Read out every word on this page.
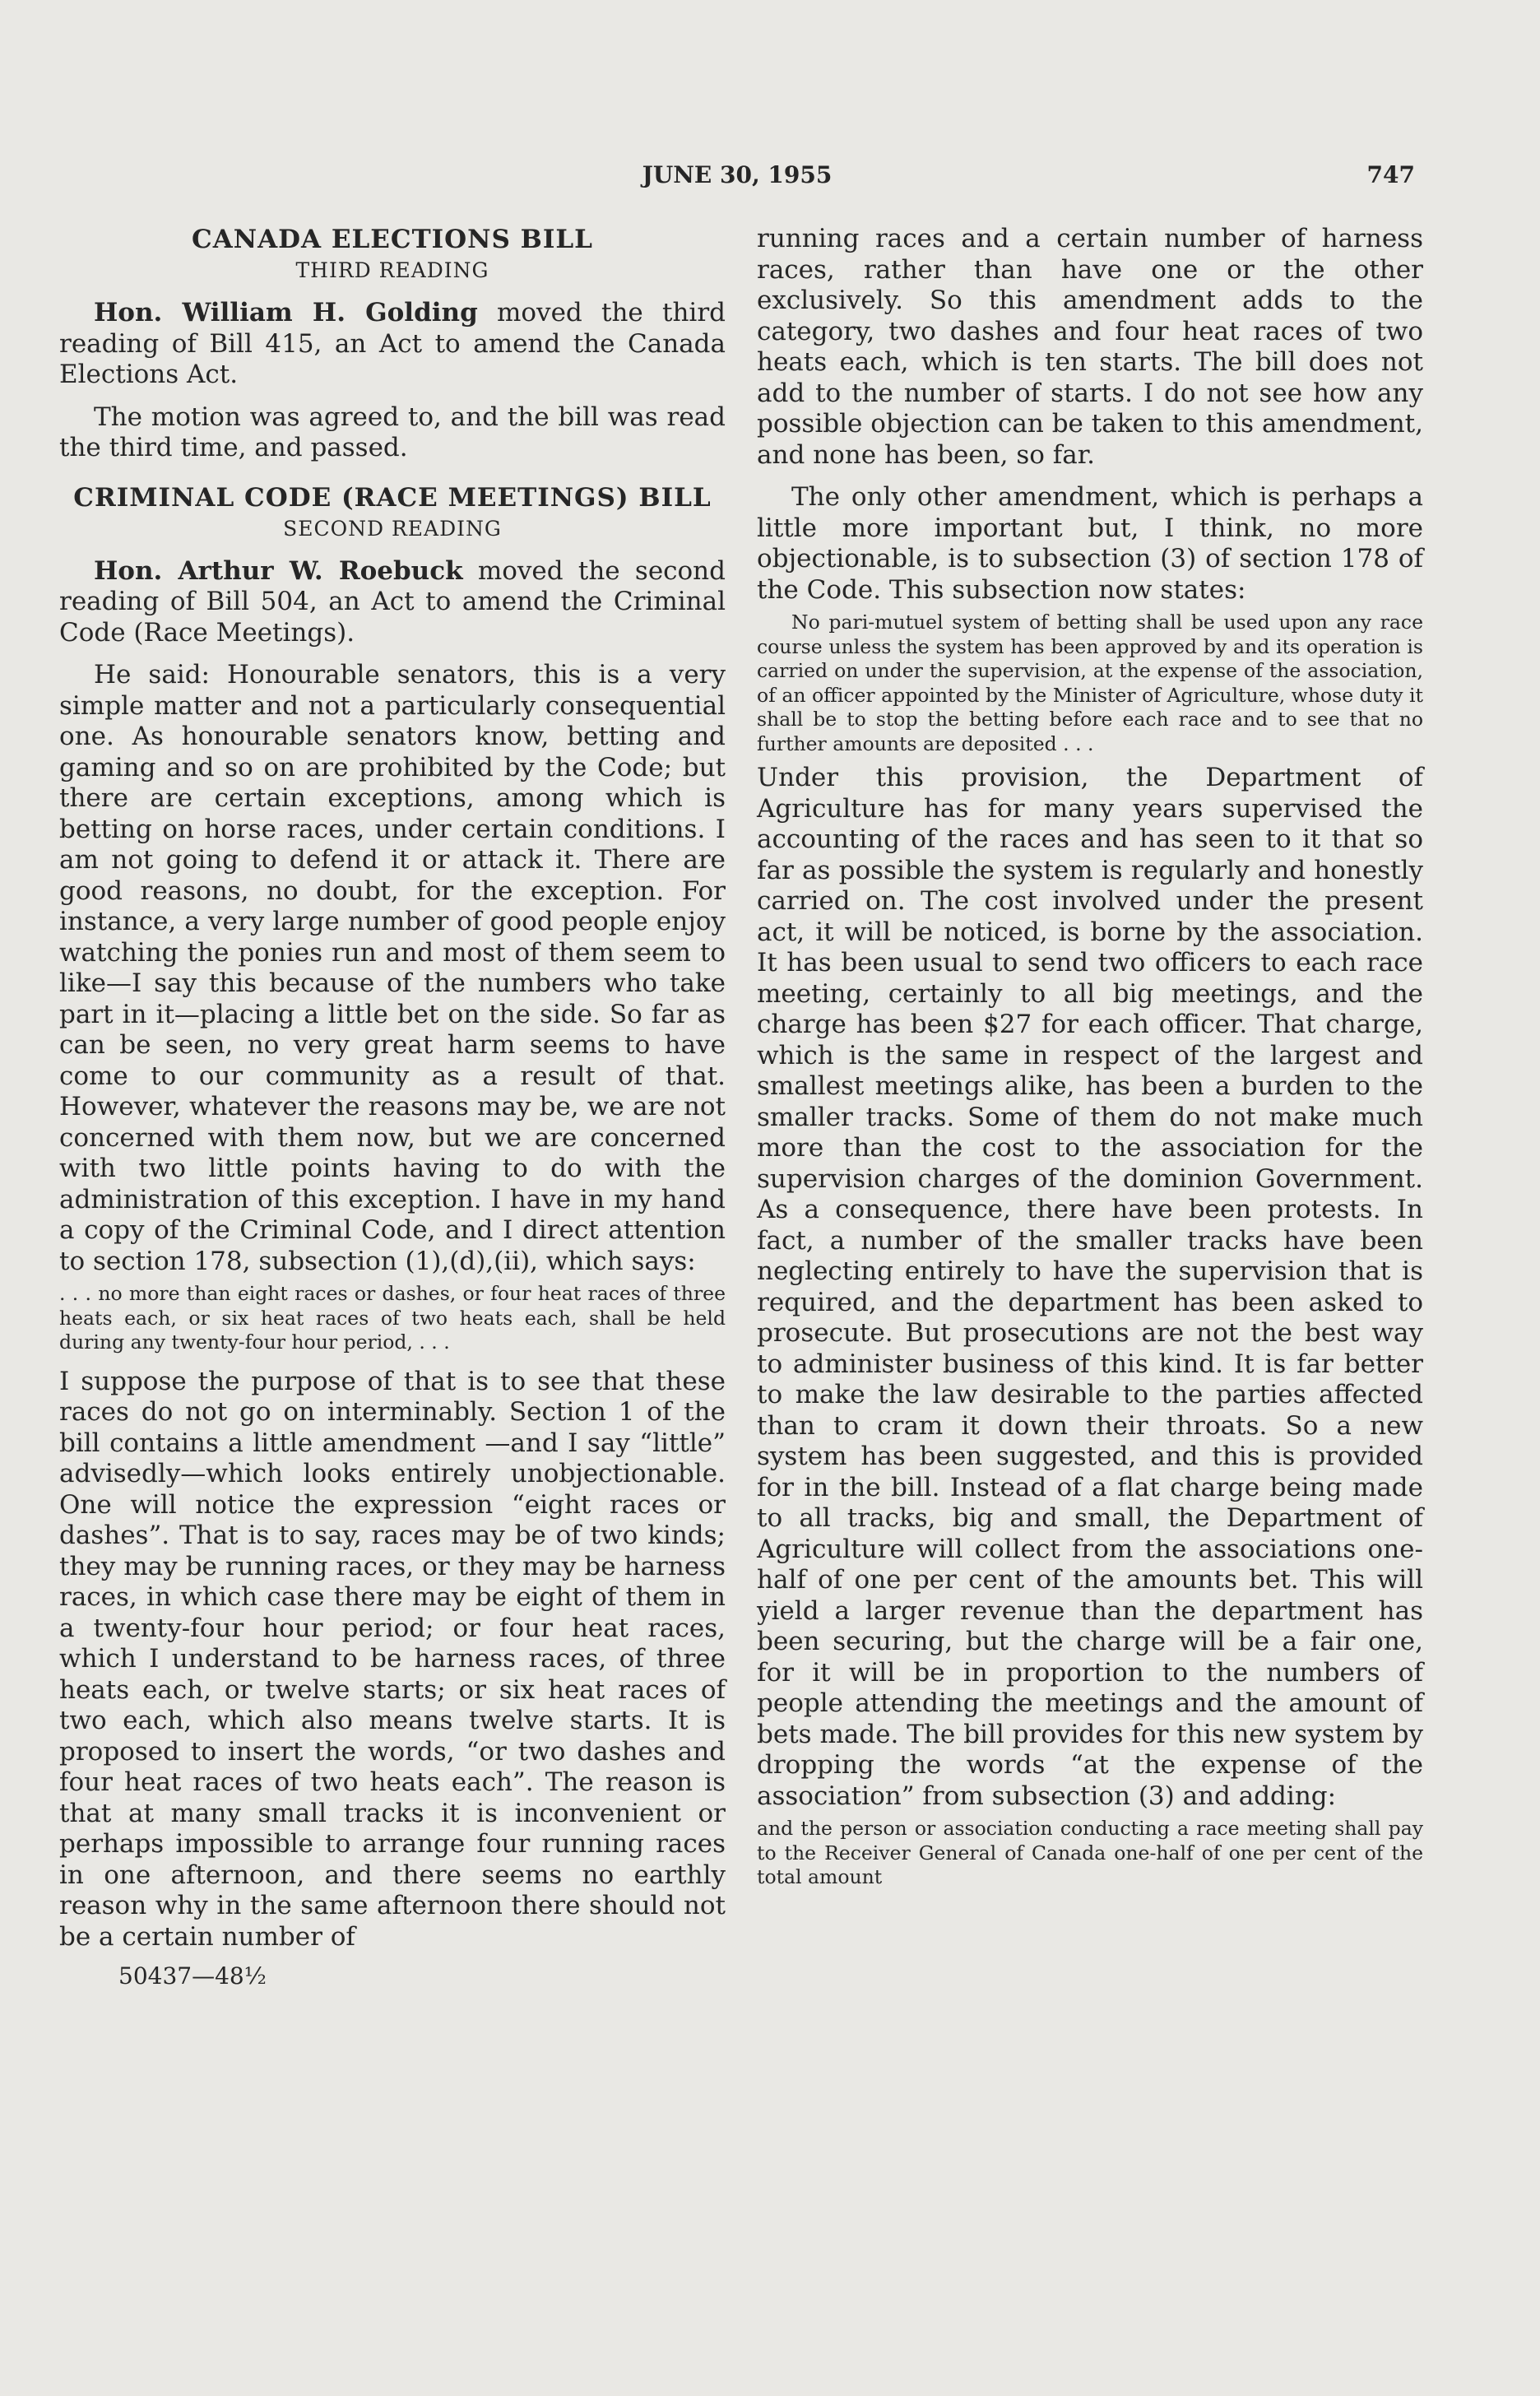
JUNE 30, 1955	747

CANADA ELECTIONS BILL

THIRD READING

Hon. William H. Golding moved the third reading of Bill 415, an Act to amend the Canada Elections Act.

The motion was agreed to, and the bill was read the third time, and passed.

CRIMINAL CODE (RACE MEETINGS) BILL

SECOND READING

Hon. Arthur W. Roebuck moved the second reading of Bill 504, an Act to amend the Criminal Code (Race Meetings).

He said: Honourable senators, this is a very simple matter and not a particularly consequential one. As honourable senators know, betting and gaming and so on are prohibited by the Code; but there are certain exceptions, among which is betting on horse races, under certain conditions. I am not going to defend it or attack it. There are good reasons, no doubt, for the exception. For instance, a very large number of good people enjoy watching the ponies run and most of them seem to like—I say this because of the numbers who take part in it—placing a little bet on the side. So far as can be seen, no very great harm seems to have come to our community as a result of that. However, whatever the reasons may be, we are not concerned with them now, but we are concerned with two little points having to do with the administration of this exception. I have in my hand a copy of the Criminal Code, and I direct attention to section 178, subsection (1),(d),(ii), which says:

. . . no more than eight races or dashes, or four heat races of three heats each, or six heat races of two heats each, shall be held during any twenty-four hour period, . . .

I suppose the purpose of that is to see that these races do not go on interminably. Section 1 of the bill contains a little amendment —and I say “little” advisedly—which looks entirely unobjectionable. One will notice the expression “eight races or dashes”. That is to say, races may be of two kinds; they may be running races, or they may be harness races, in which case there may be eight of them in a twenty-four hour period; or four heat races, which I understand to be harness races, of three heats each, or twelve starts; or six heat races of two each, which also means twelve starts. It is proposed to insert the words, “or two dashes and four heat races of two heats each”. The reason is that at many small tracks it is inconvenient or perhaps impossible to arrange four running races in one afternoon, and there seems no earthly reason why in the same afternoon there should not be a certain number of

50437—48½

running races and a certain number of harness races, rather than have one or the other exclusively. So this amendment adds to the category, two dashes and four heat races of two heats each, which is ten starts. The bill does not add to the number of starts. I do not see how any possible objection can be taken to this amendment, and none has been, so far.

The only other amendment, which is perhaps a little more important but, I think, no more objectionable, is to subsection (3) of section 178 of the Code. This subsection now states:

No pari-mutuel system of betting shall be used upon any race course unless the system has been approved by and its operation is carried on under the supervision, at the expense of the association, of an officer appointed by the Minister of Agriculture, whose duty it shall be to stop the betting before each race and to see that no further amounts are deposited . . .

Under this provision, the Department of Agriculture has for many years supervised the accounting of the races and has seen to it that so far as possible the system is regularly and honestly carried on. The cost involved under the present act, it will be noticed, is borne by the association. It has been usual to send two officers to each race meeting, certainly to all big meetings, and the charge has been $27 for each officer. That charge, which is the same in respect of the largest and smallest meetings alike, has been a burden to the smaller tracks. Some of them do not make much more than the cost to the association for the supervision charges of the dominion Government. As a consequence, there have been protests. In fact, a number of the smaller tracks have been neglecting entirely to have the supervision that is required, and the department has been asked to prosecute. But prosecutions are not the best way to administer business of this kind. It is far better to make the law desirable to the parties affected than to cram it down their throats. So a new system has been suggested, and this is provided for in the bill. Instead of a flat charge being made to all tracks, big and small, the Department of Agriculture will collect from the associations one-half of one per cent of the amounts bet. This will yield a larger revenue than the department has been securing, but the charge will be a fair one, for it will be in proportion to the numbers of people attending the meetings and the amount of bets made. The bill provides for this new system by dropping the words “at the expense of the association” from subsection (3) and adding:

and the person or association conducting a race meeting shall pay to the Receiver General of Canada one-half of one per cent of the total amount
